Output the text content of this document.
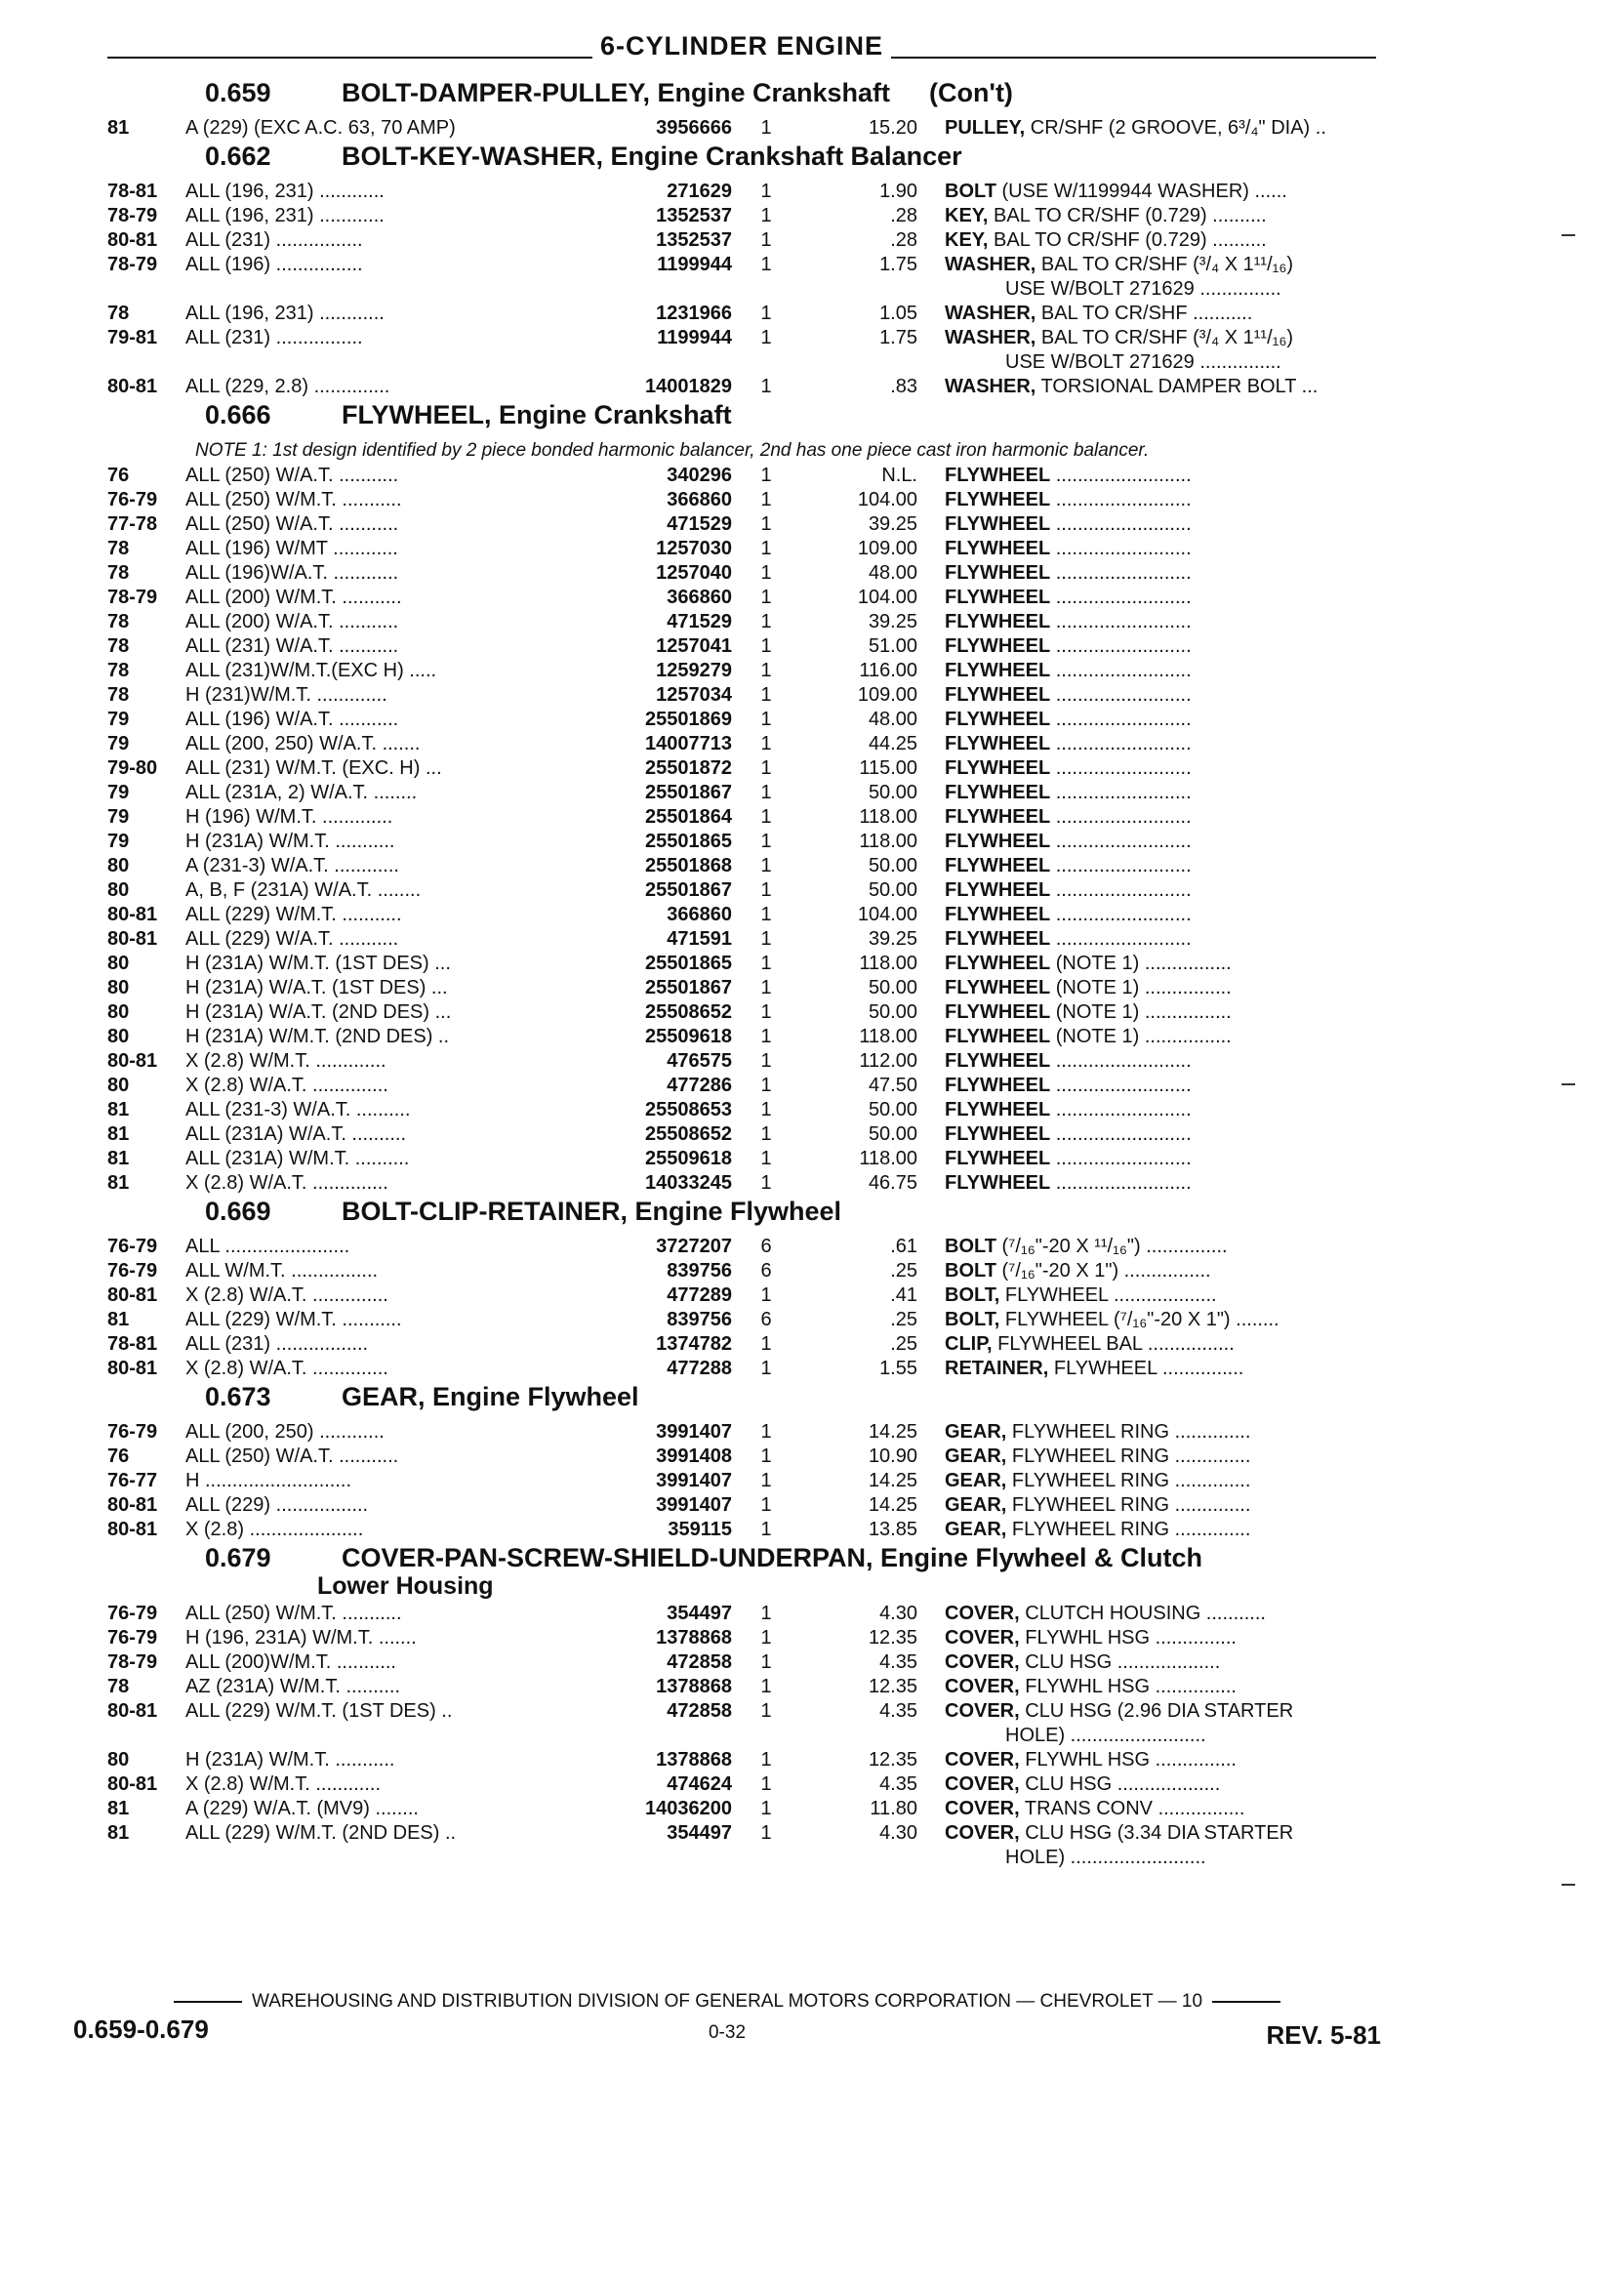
6-CYLINDER ENGINE
0.659	BOLT-DAMPER-PULLEY, Engine Crankshaft (Con't)
81	A (229) (EXC A.C. 63, 70 AMP)	3956666	1	15.20	PULLEY, CR/SHF (2 GROOVE, 6³/₄" DIA) ..
0.662	BOLT-KEY-WASHER, Engine Crankshaft Balancer
78-81	ALL (196, 231) ............	271629	1	1.90	BOLT (USE W/1199944 WASHER) ......
78-79	ALL (196, 231) ............	1352537	1	.28	KEY, BAL TO CR/SHF (0.729) ..........
80-81	ALL (231) ................	1352537	1	.28	KEY, BAL TO CR/SHF (0.729) ..........
78-79	ALL (196) ................	1199944	1	1.75	WASHER, BAL TO CR/SHF (³/₄ X 1¹¹/₁₆)
USE W/BOLT 271629 ...............
78	ALL (196, 231) ............	1231966	1	1.05	WASHER, BAL TO CR/SHF ...........
79-81	ALL (231) ................	1199944	1	1.75	WASHER, BAL TO CR/SHF (³/₄ X 1¹¹/₁₆)
USE W/BOLT 271629 ...............
80-81	ALL (229, 2.8) ..............	14001829	1	.83	WASHER, TORSIONAL DAMPER BOLT ...
0.666	FLYWHEEL, Engine Crankshaft
NOTE 1: 1st design identified by 2 piece bonded harmonic balancer, 2nd has one piece cast iron harmonic balancer.
76	ALL (250) W/A.T. ...........	340296	1	N.L.	FLYWHEEL .........................
76-79	ALL (250) W/M.T. ...........	366860	1	104.00	FLYWHEEL .........................
77-78	ALL (250) W/A.T. ...........	471529	1	39.25	FLYWHEEL .........................
78	ALL (196) W/MT ............	1257030	1	109.00	FLYWHEEL .........................
78	ALL (196)W/A.T. ............	1257040	1	48.00	FLYWHEEL .........................
78-79	ALL (200) W/M.T. ...........	366860	1	104.00	FLYWHEEL .........................
78	ALL (200) W/A.T. ...........	471529	1	39.25	FLYWHEEL .........................
78	ALL (231) W/A.T. ...........	1257041	1	51.00	FLYWHEEL .........................
78	ALL (231)W/M.T.(EXC H) .....	1259279	1	116.00	FLYWHEEL .........................
78	H (231)W/M.T. .............	1257034	1	109.00	FLYWHEEL .........................
79	ALL (196) W/A.T. ...........	25501869	1	48.00	FLYWHEEL .........................
79	ALL (200, 250) W/A.T. .......	14007713	1	44.25	FLYWHEEL .........................
79-80	ALL (231) W/M.T. (EXC. H) ...	25501872	1	115.00	FLYWHEEL .........................
79	ALL (231A, 2) W/A.T. ........	25501867	1	50.00	FLYWHEEL .........................
79	H (196) W/M.T. .............	25501864	1	118.00	FLYWHEEL .........................
79	H (231A) W/M.T. ...........	25501865	1	118.00	FLYWHEEL .........................
80	A (231-3) W/A.T. ............	25501868	1	50.00	FLYWHEEL .........................
80	A, B, F (231A) W/A.T. ........	25501867	1	50.00	FLYWHEEL .........................
80-81	ALL (229) W/M.T. ...........	366860	1	104.00	FLYWHEEL .........................
80-81	ALL (229) W/A.T. ...........	471591	1	39.25	FLYWHEEL .........................
80	H (231A) W/M.T. (1ST DES) ...	25501865	1	118.00	FLYWHEEL (NOTE 1) ................
80	H (231A) W/A.T. (1ST DES) ...	25501867	1	50.00	FLYWHEEL (NOTE 1) ................
80	H (231A) W/A.T. (2ND DES) ...	25508652	1	50.00	FLYWHEEL (NOTE 1) ................
80	H (231A) W/M.T. (2ND DES) ..	25509618	1	118.00	FLYWHEEL (NOTE 1) ................
80-81	X (2.8) W/M.T. .............	476575	1	112.00	FLYWHEEL .........................
80	X (2.8) W/A.T. ..............	477286	1	47.50	FLYWHEEL .........................
81	ALL (231-3) W/A.T. ..........	25508653	1	50.00	FLYWHEEL .........................
81	ALL (231A) W/A.T. ..........	25508652	1	50.00	FLYWHEEL .........................
81	ALL (231A) W/M.T. ..........	25509618	1	118.00	FLYWHEEL .........................
81	X (2.8) W/A.T. ..............	14033245	1	46.75	FLYWHEEL .........................
0.669	BOLT-CLIP-RETAINER, Engine Flywheel
76-79	ALL .......................	3727207	6	.61	BOLT (⁷/₁₆"-20 X ¹¹/₁₆") ...............
76-79	ALL W/M.T. ................	839756	6	.25	BOLT (⁷/₁₆"-20 X 1") ................
80-81	X (2.8) W/A.T. ..............	477289	1	.41	BOLT, FLYWHEEL ...................
81	ALL (229) W/M.T. ...........	839756	6	.25	BOLT, FLYWHEEL (⁷/₁₆"-20 X 1") ........
78-81	ALL (231) .................	1374782	1	.25	CLIP, FLYWHEEL BAL ................
80-81	X (2.8) W/A.T. ..............	477288	1	1.55	RETAINER, FLYWHEEL ...............
0.673	GEAR, Engine Flywheel
76-79	ALL (200, 250) ............	3991407	1	14.25	GEAR, FLYWHEEL RING ..............
76	ALL (250) W/A.T. ...........	3991408	1	10.90	GEAR, FLYWHEEL RING ..............
76-77	H ...........................	3991407	1	14.25	GEAR, FLYWHEEL RING ..............
80-81	ALL (229) .................	3991407	1	14.25	GEAR, FLYWHEEL RING ..............
80-81	X (2.8) .....................	359115	1	13.85	GEAR, FLYWHEEL RING ..............
0.679	COVER-PAN-SCREW-SHIELD-UNDERPAN, Engine Flywheel & Clutch
Lower Housing
76-79	ALL (250) W/M.T. ...........	354497	1	4.30	COVER, CLUTCH HOUSING ...........
76-79	H (196, 231A) W/M.T. .......	1378868	1	12.35	COVER, FLYWHL HSG ...............
78-79	ALL (200)W/M.T. ...........	472858	1	4.35	COVER, CLU HSG ...................
78	AZ (231A) W/M.T. ..........	1378868	1	12.35	COVER, FLYWHL HSG ...............
80-81	ALL (229) W/M.T. (1ST DES) ..	472858	1	4.35	COVER, CLU HSG (2.96 DIA STARTER
HOLE) .........................
80	H (231A) W/M.T. ...........	1378868	1	12.35	COVER, FLYWHL HSG ...............
80-81	X (2.8) W/M.T. ............	474624	1	4.35	COVER, CLU HSG ...................
81	A (229) W/A.T. (MV9) ........	14036200	1	11.80	COVER, TRANS CONV ................
81	ALL (229) W/M.T. (2ND DES) ..	354497	1	4.30	COVER, CLU HSG (3.34 DIA STARTER
HOLE) .........................
WAREHOUSING AND DISTRIBUTION DIVISION OF GENERAL MOTORS CORPORATION — CHEVROLET — 10
0.659-0.679	0-32	REV. 5-81
